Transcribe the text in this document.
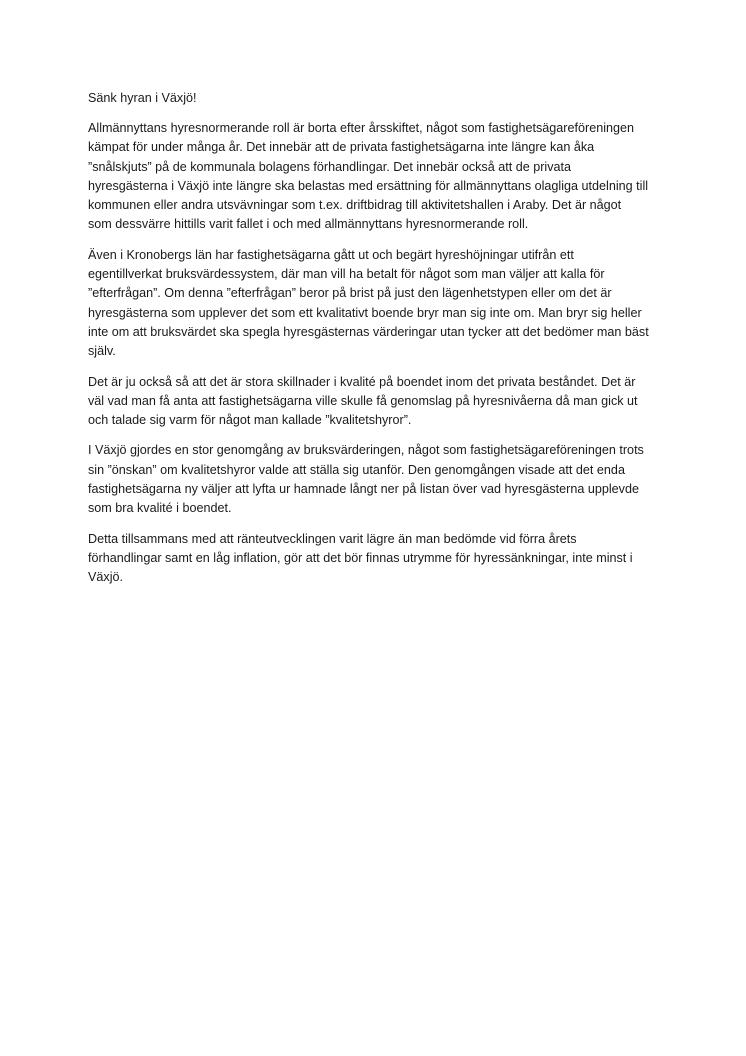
Sänk hyran i Växjö!
Allmännyttans hyresnormerande roll är borta efter årsskiftet, något som fastighetsägareföreningen
kämpat för under många år. Det innebär att de privata fastighetsägarna inte längre kan åka
”snålskjuts” på de kommunala bolagens förhandlingar. Det innebär också att de privata
hyresgästerna i Växjö inte längre ska belastas med ersättning för allmännyttans olagliga utdelning till
kommunen eller andra utsvävningar som t.ex. driftbidrag till aktivitetshallen i Araby. Det är något
som dessvärre hittills varit fallet i och med allmännyttans hyresnormerande roll.
Även i Kronobergs län har fastighetsägarna gått ut och begärt hyreshöjningar utifrån ett
egentillverkat bruksvärdessystem, där man vill ha betalt för något som man väljer att kalla för
”efterfrågan”. Om denna ”efterfrågan” beror på brist på just den lägenhetstypen eller om det är
hyresgästerna som upplever det som ett kvalitativt boende bryr man sig inte om. Man bryr sig heller
inte om att bruksvärdet ska spegla hyresgästernas värderingar utan tycker att det bedömer man bäst
själv.
Det är ju också så att det är stora skillnader i kvalité på boendet inom det privata beståndet. Det är
väl vad man få anta att fastighetsägarna ville skulle få genomslag på hyresnivåerna då man gick ut
och talade sig varm för något man kallade ”kvalitetshyror”.
I Växjö gjordes en stor genomgång av bruksvärderingen, något som fastighetsägareföreningen trots
sin ”önskan” om kvalitetshyror valde att ställa sig utanför. Den genomgången visade att det enda
fastighetsägarna ny väljer att lyfta ur hamnade långt ner på listan över vad hyresgästerna upplevde
som bra kvalité i boendet.
Detta tillsammans med att ränteutvecklingen varit lägre än man bedömde vid förra årets
förhandlingar samt en låg inflation, gör att det bör finnas utrymme för hyressänkningar, inte minst i
Växjö.
